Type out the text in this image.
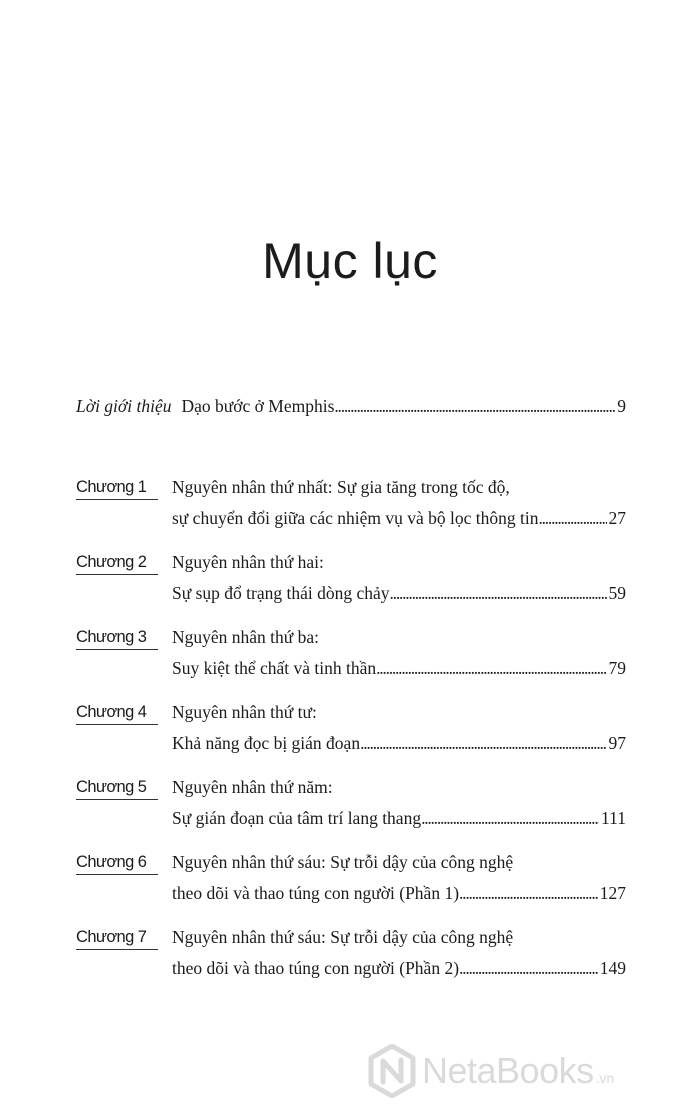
Mục lục
Lời giới thiệu Dạo bước ở Memphis . . .	9
Chương 1	Nguyên nhân thứ nhất: Sự gia tăng trong tốc độ,
sự chuyển đổi giữa các nhiệm vụ và bộ lọc thông tin . . .	27
Chương 2	Nguyên nhân thứ hai:
Sự sụp đổ trạng thái dòng chảy . . .	59
Chương 3	Nguyên nhân thứ ba:
Suy kiệt thể chất và tinh thần . . .	79
Chương 4	Nguyên nhân thứ tư:
Khả năng đọc bị gián đoạn . . .	97
Chương 5	Nguyên nhân thứ năm:
Sự gián đoạn của tâm trí lang thang . . .	111
Chương 6	Nguyên nhân thứ sáu: Sự trỗi dậy của công nghệ
theo dõi và thao túng con người (Phần 1) . . .	127
Chương 7	Nguyên nhân thứ sáu: Sự trỗi dậy của công nghệ
theo dõi và thao túng con người (Phần 2) . . .	149
NetaBooks .vn
